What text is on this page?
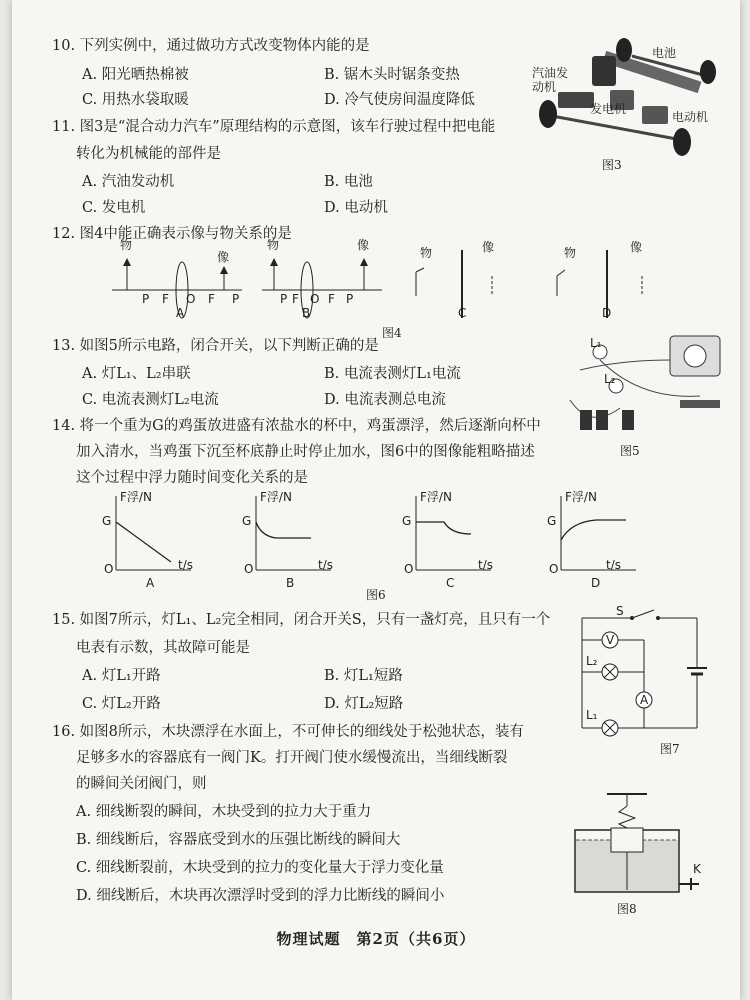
10. 下列实例中，通过做功方式改变物体内能的是
A. 阳光晒热棉被	B. 锯木头时锯条变热
C. 用热水袋取暖	D. 冷气使房间温度降低
电池
汽油发动机
发电机
电动机
图3
11. 图3是“混合动力汽车”原理结构的示意图，该车行驶过程中把电能
转化为机械能的部件是
A. 汽油发动机	B. 电池
C. 发电机	D. 电动机
12. 图4中能正确表示像与物关系的是
物
像
P F O F P
物	像
P F O F P
物	像	物	像
A	B	C	D
图4
13. 如图5所示电路，闭合开关，以下判断正确的是
A. 灯L₁、L₂串联	B. 电流表测灯L₁电流
C. 电流表测灯L₂电流	D. 电流表测总电流
L₁
L₂
图5
14. 将一个重为G的鸡蛋放进盛有浓盐水的杯中，鸡蛋漂浮，然后逐渐向杯中
加入清水，当鸡蛋下沉至杯底静止时停止加水，图6中的图像能粗略描述
这个过程中浮力随时间变化关系的是
F浮/N	F浮/N	F浮/N	F浮/N
G	G	G	G
O	O	O	O
t/s	t/s	t/s	t/s
A	B	C	D
图6
15. 如图7所示，灯L₁、L₂完全相同，闭合开关S，只有一盏灯亮，且只有一个
电表有示数，其故障可能是
A. 灯L₁开路	B. 灯L₁短路
C. 灯L₂开路	D. 灯L₂短路
S
V
L₂
A
L₁
图7
16. 如图8所示，木块漂浮在水面上，不可伸长的细线处于松弛状态，装有
足够多水的容器底有一阀门K。打开阀门使水缓慢流出，当细线断裂
的瞬间关闭阀门，则
A. 细线断裂的瞬间，木块受到的拉力大于重力
B. 细线断后，容器底受到水的压强比断线的瞬间大
C. 细线断裂前，木块受到的拉力的变化量大于浮力变化量
D. 细线断后，木块再次漂浮时受到的浮力比断线的瞬间小
K
图8
物理试题　第2页（共6页）
